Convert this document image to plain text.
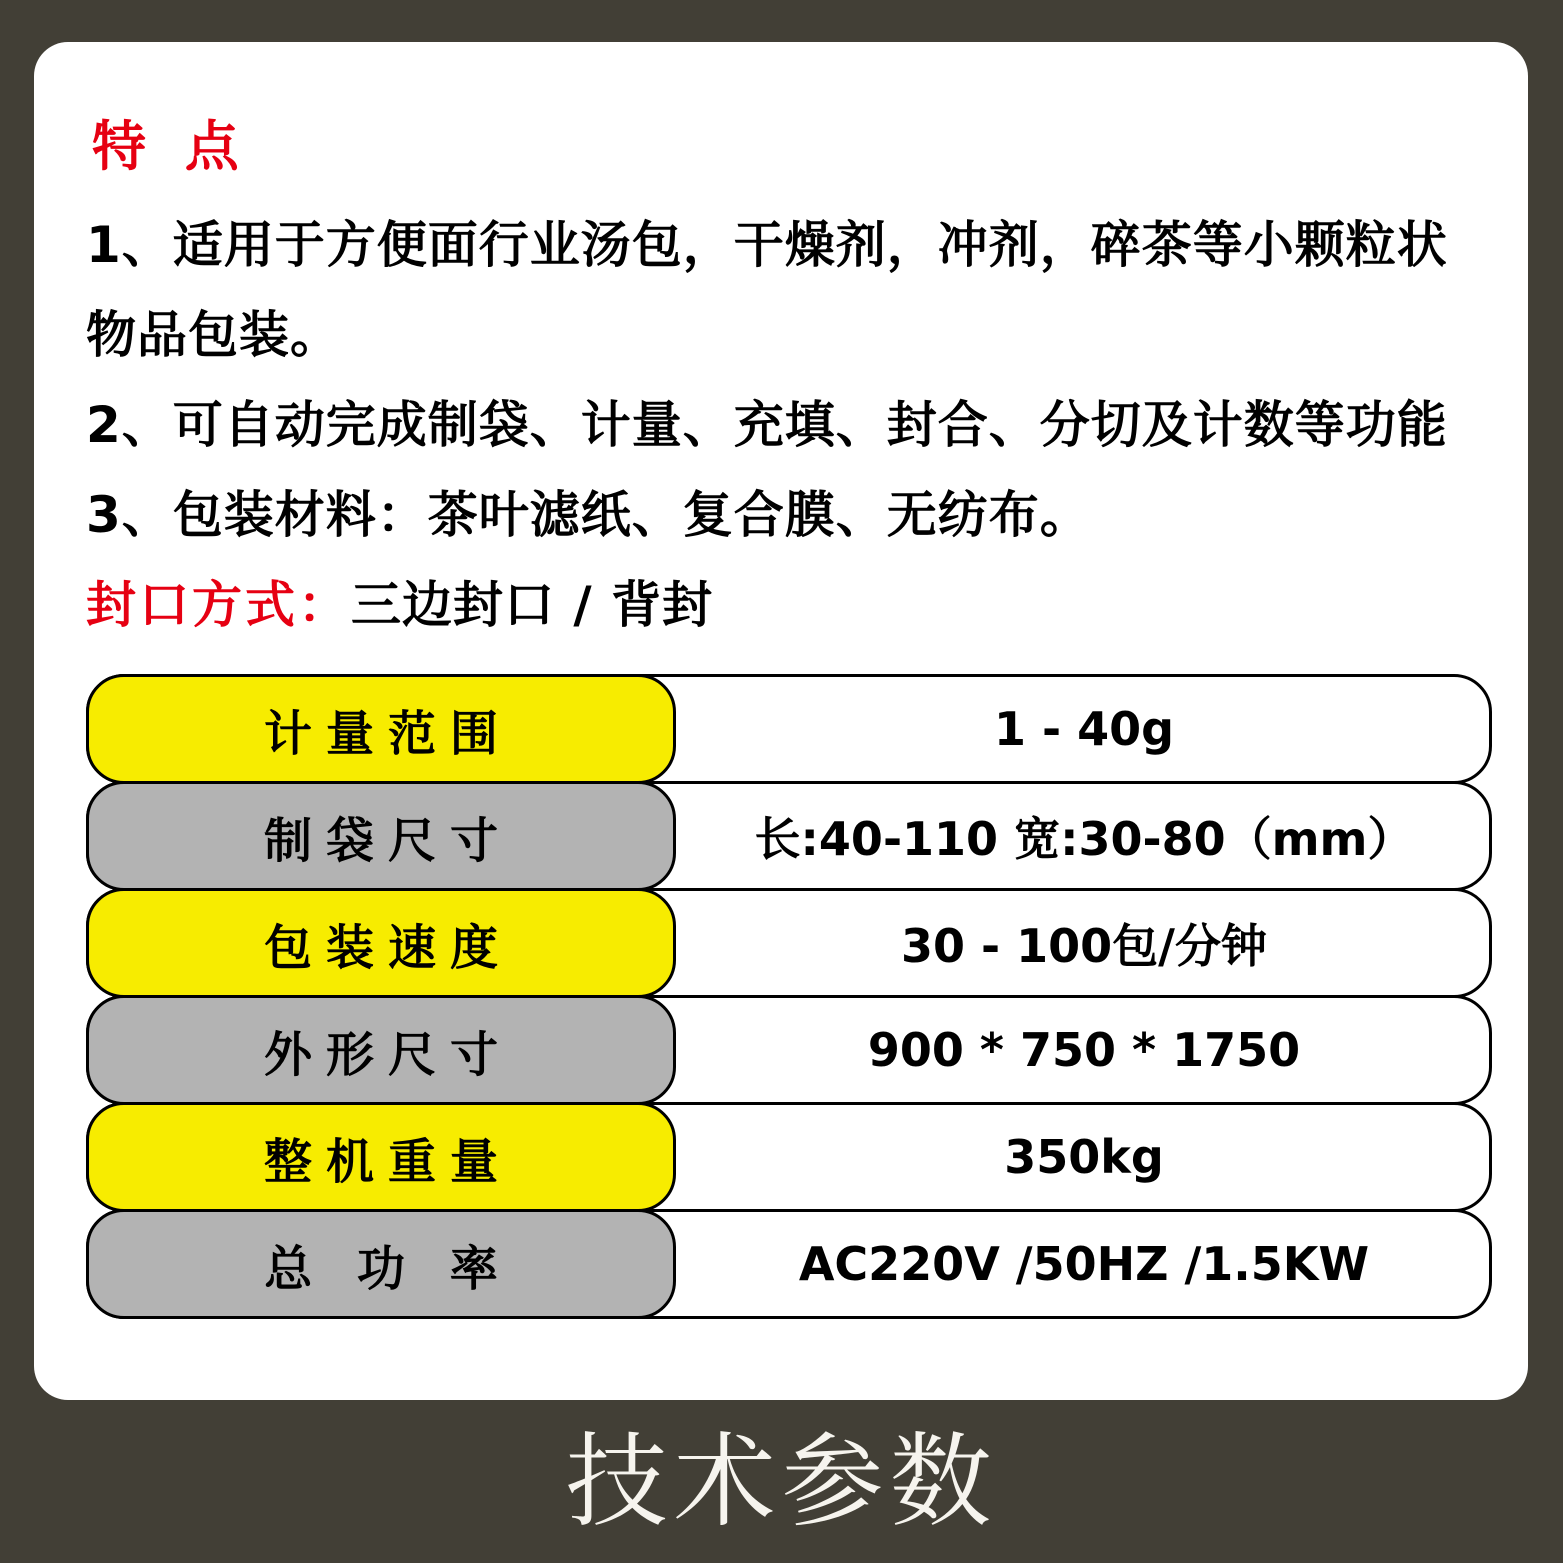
特 点

1、适用于方便面行业汤包，干燥剂，冲剂，碎茶等小颗粒状物品包装。

2、可自动完成制袋、计量、充填、封合、分切及计数等功能

3、包装材料：茶叶滤纸、复合膜、无纺布。

封口方式：三边封口 / 背封

计量范围	1 - 40g
制袋尺寸	长:40-110 宽:30-80（mm）
包装速度	30 - 100包/分钟
外形尺寸	900 * 750 * 1750
整机重量	350kg
总 功 率	AC220V /50HZ /1.5KW
技术参数
